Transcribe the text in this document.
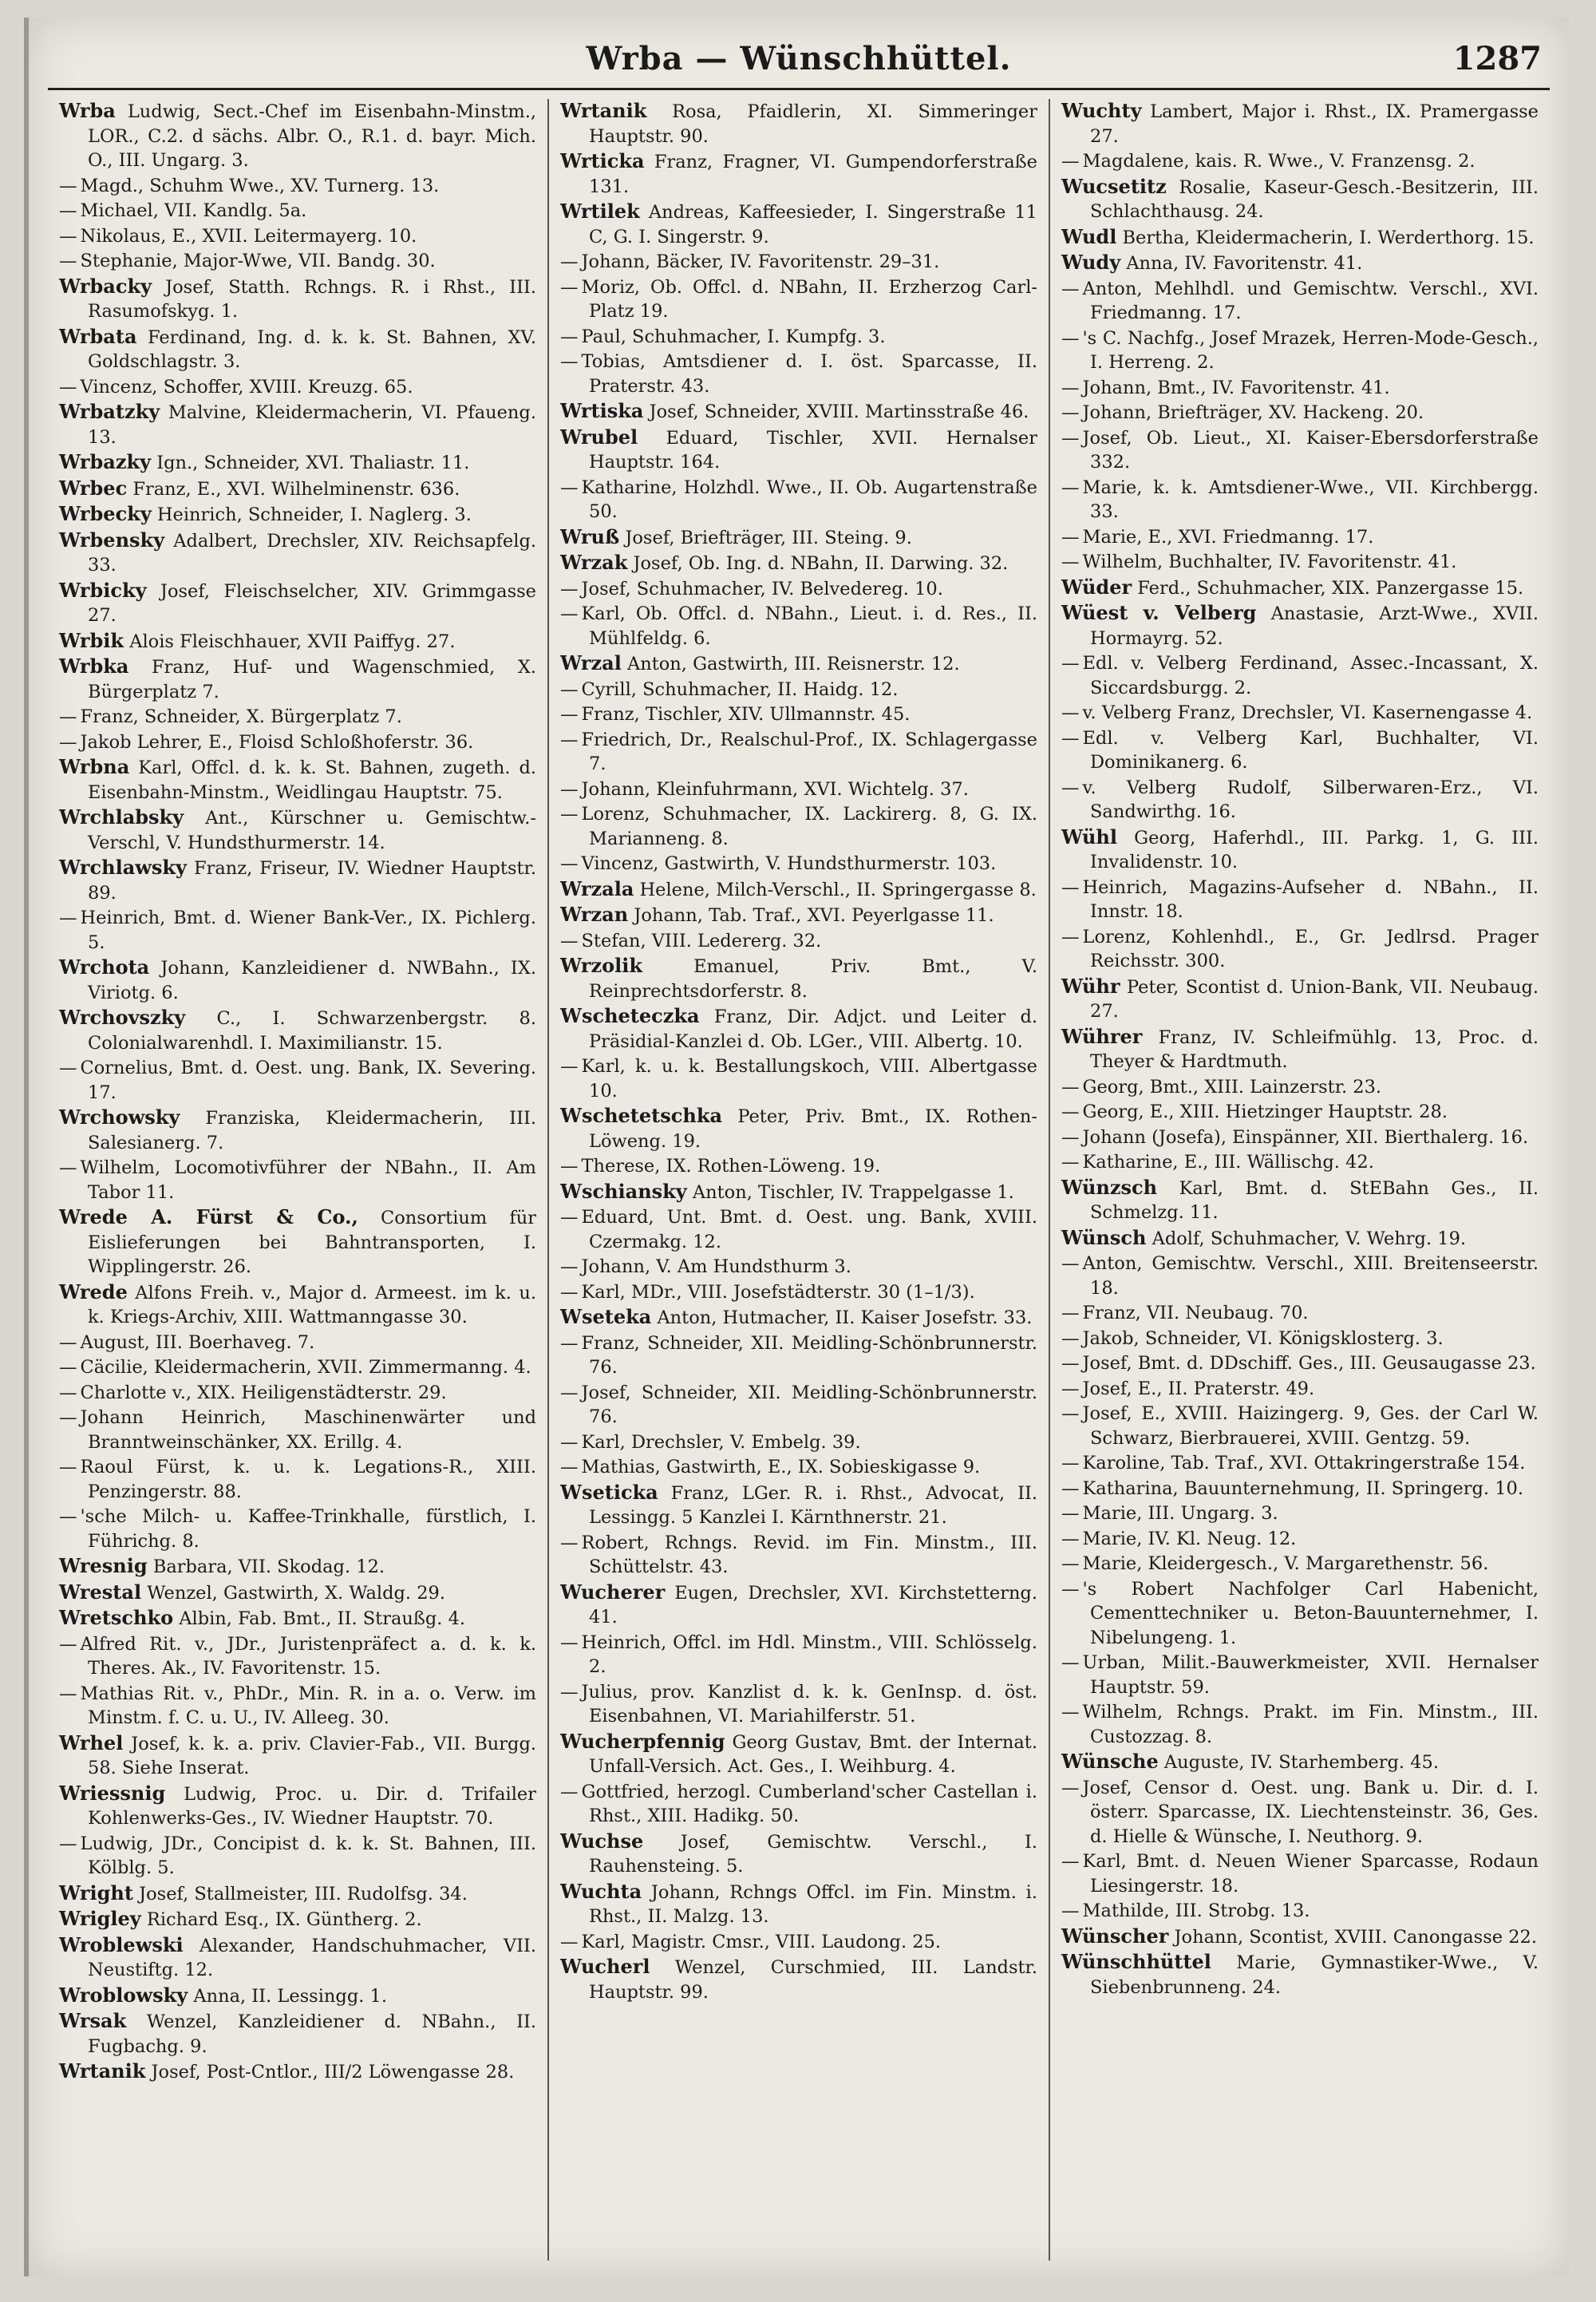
Wrba — Wünschhüttel.	1287

Wrba Ludwig, Sect.-Chef im Eisenbahn-Minstm., LOR., C.2. d sächs. Albr. O., R.1. d. bayr. Mich. O., III. Ungarg. 3.

— Magd., Schuhm Wwe., XV. Turnerg. 13.

— Michael, VII. Kandlg. 5a.

— Nikolaus, E., XVII. Leitermayerg. 10.

— Stephanie, Major-Wwe, VII. Bandg. 30.

Wrbacky Josef, Statth. Rchngs. R. i Rhst., III. Rasumofskyg. 1.

Wrbata Ferdinand, Ing. d. k. k. St. Bahnen, XV. Goldschlagstr. 3.

— Vincenz, Schoffer, XVIII. Kreuzg. 65.

Wrbatzky Malvine, Kleidermacherin, VI. Pfaueng. 13.

Wrbazky Ign., Schneider, XVI. Thaliastr. 11.

Wrbec Franz, E., XVI. Wilhelminenstr. 636.

Wrbecky Heinrich, Schneider, I. Naglerg. 3.

Wrbensky Adalbert, Drechsler, XIV. Reichsapfelg. 33.

Wrbicky Josef, Fleischselcher, XIV. Grimmgasse 27.

Wrbik Alois Fleischhauer, XVII Paiffyg. 27.

Wrbka Franz, Huf- und Wagenschmied, X. Bürgerplatz 7.

— Franz, Schneider, X. Bürgerplatz 7.

— Jakob Lehrer, E., Floisd Schloßhoferstr. 36.

Wrbna Karl, Offcl. d. k. k. St. Bahnen, zugeth. d. Eisenbahn-Minstm., Weidlingau Hauptstr. 75.

Wrchlabsky Ant., Kürschner u. Gemischtw.-Verschl, V. Hundsthurmerstr. 14.

Wrchlawsky Franz, Friseur, IV. Wiedner Hauptstr. 89.

— Heinrich, Bmt. d. Wiener Bank-Ver., IX. Pichlerg. 5.

Wrchota Johann, Kanzleidiener d. NWBahn., IX. Viriotg. 6.

Wrchovszky C., I. Schwarzenbergstr. 8. Colonialwarenhdl. I. Maximilianstr. 15.

— Cornelius, Bmt. d. Oest. ung. Bank, IX. Severing. 17.

Wrchowsky Franziska, Kleidermacherin, III. Salesianerg. 7.

— Wilhelm, Locomotivführer der NBahn., II. Am Tabor 11.

Wrede A. Fürst & Co., Consortium für Eislieferungen bei Bahntransporten, I. Wipplingerstr. 26.

Wrede Alfons Freih. v., Major d. Armeest. im k. u. k. Kriegs-Archiv, XIII. Wattmanngasse 30.

— August, III. Boerhaveg. 7.

— Cäcilie, Kleidermacherin, XVII. Zimmermanng. 4.

— Charlotte v., XIX. Heiligenstädterstr. 29.

— Johann Heinrich, Maschinenwärter und Branntweinschänker, XX. Erillg. 4.

— Raoul Fürst, k. u. k. Legations-R., XIII. Penzingerstr. 88.

— 'sche Milch- u. Kaffee-Trinkhalle, fürstlich, I. Führichg. 8.

Wresnig Barbara, VII. Skodag. 12.

Wrestal Wenzel, Gastwirth, X. Waldg. 29.

Wretschko Albin, Fab. Bmt., II. Straußg. 4.

— Alfred Rit. v., JDr., Juristenpräfect a. d. k. k. Theres. Ak., IV. Favoritenstr. 15.

— Mathias Rit. v., PhDr., Min. R. in a. o. Verw. im Minstm. f. C. u. U., IV. Alleeg. 30.

Wrhel Josef, k. k. a. priv. Clavier-Fab., VII. Burgg. 58. Siehe Inserat.

Wriessnig Ludwig, Proc. u. Dir. d. Trifailer Kohlenwerks-Ges., IV. Wiedner Hauptstr. 70.

— Ludwig, JDr., Concipist d. k. k. St. Bahnen, III. Kölblg. 5.

Wright Josef, Stallmeister, III. Rudolfsg. 34.

Wrigley Richard Esq., IX. Güntherg. 2.

Wroblewski Alexander, Handschuhmacher, VII. Neustiftg. 12.

Wroblowsky Anna, II. Lessingg. 1.

Wrsak Wenzel, Kanzleidiener d. NBahn., II. Fugbachg. 9.

Wrtanik Josef, Post-Cntlor., III/2 Löwengasse 28.

Wrtanik Rosa, Pfaidlerin, XI. Simmeringer Hauptstr. 90.

Wrticka Franz, Fragner, VI. Gumpendorferstraße 131.

Wrtilek Andreas, Kaffeesieder, I. Singerstraße 11 C, G. I. Singerstr. 9.

— Johann, Bäcker, IV. Favoritenstr. 29–31.

— Moriz, Ob. Offcl. d. NBahn, II. Erzherzog Carl-Platz 19.

— Paul, Schuhmacher, I. Kumpfg. 3.

— Tobias, Amtsdiener d. I. öst. Sparcasse, II. Praterstr. 43.

Wrtiska Josef, Schneider, XVIII. Martinsstraße 46.

Wrubel Eduard, Tischler, XVII. Hernalser Hauptstr. 164.

— Katharine, Holzhdl. Wwe., II. Ob. Augartenstraße 50.

Wruß Josef, Briefträger, III. Steing. 9.

Wrzak Josef, Ob. Ing. d. NBahn, II. Darwing. 32.

— Josef, Schuhmacher, IV. Belvedereg. 10.

— Karl, Ob. Offcl. d. NBahn., Lieut. i. d. Res., II. Mühlfeldg. 6.

Wrzal Anton, Gastwirth, III. Reisnerstr. 12.

— Cyrill, Schuhmacher, II. Haidg. 12.

— Franz, Tischler, XIV. Ullmannstr. 45.

— Friedrich, Dr., Realschul-Prof., IX. Schlagergasse 7.

— Johann, Kleinfuhrmann, XVI. Wichtelg. 37.

— Lorenz, Schuhmacher, IX. Lackirerg. 8, G. IX. Marianneng. 8.

— Vincenz, Gastwirth, V. Hundsthurmerstr. 103.

Wrzala Helene, Milch-Verschl., II. Springergasse 8.

Wrzan Johann, Tab. Traf., XVI. Peyerlgasse 11.

— Stefan, VIII. Ledererg. 32.

Wrzolik	Emanuel, Priv. Bmt., V. Reinprechtsdorferstr. 8.

Wscheteczka Franz, Dir. Adjct. und Leiter d. Präsidial-Kanzlei d. Ob. LGer., VIII. Albertg. 10.

— Karl, k. u. k. Bestallungskoch, VIII. Albertgasse 10.

Wschetetschka Peter, Priv. Bmt., IX. Rothen-Löweng. 19.

— Therese, IX. Rothen-Löweng. 19.

Wschiansky Anton, Tischler, IV. Trappelgasse 1.

— Eduard, Unt. Bmt. d. Oest. ung. Bank, XVIII. Czermakg. 12.

— Johann, V. Am Hundsthurm 3.

— Karl, MDr., VIII. Josefstädterstr. 30 (1–1/3).

Wseteka Anton, Hutmacher, II. Kaiser Josefstr. 33.

— Franz, Schneider, XII. Meidling-Schönbrunnerstr. 76.

— Josef, Schneider, XII. Meidling-Schönbrunnerstr. 76.

— Karl, Drechsler, V. Embelg. 39.

— Mathias, Gastwirth, E., IX. Sobieskigasse 9.

Wseticka Franz, LGer. R. i. Rhst., Advocat, II. Lessingg. 5 Kanzlei I. Kärnthnerstr. 21.

— Robert, Rchngs. Revid. im Fin. Minstm., III. Schüttelstr. 43.

Wucherer Eugen, Drechsler, XVI. Kirchstetterng. 41.

— Heinrich, Offcl. im Hdl. Minstm., VIII. Schlösselg. 2.

— Julius, prov. Kanzlist d. k. k. GenInsp. d. öst. Eisenbahnen, VI. Mariahilferstr. 51.

Wucherpfennig Georg Gustav, Bmt. der Internat. Unfall-Versich. Act. Ges., I. Weihburg. 4.

— Gottfried, herzogl. Cumberland'scher Castellan i. Rhst., XIII. Hadikg. 50.

Wuchse Josef, Gemischtw. Verschl., I. Rauhensteing. 5.

Wuchta Johann, Rchngs Offcl. im Fin. Minstm. i. Rhst., II. Malzg. 13.

— Karl, Magistr. Cmsr., VIII. Laudong. 25.

Wucherl Wenzel, Curschmied, III. Landstr. Hauptstr. 99.

Wuchty Lambert, Major i. Rhst., IX. Pramergasse 27.

— Magdalene, kais. R. Wwe., V. Franzensg. 2.

Wucsetitz Rosalie, Kaseur-Gesch.-Besitzerin, III. Schlachthausg. 24.

Wudl Bertha, Kleidermacherin, I. Werderthorg. 15.

Wudy Anna, IV. Favoritenstr. 41.

— Anton, Mehlhdl. und Gemischtw. Verschl., XVI. Friedmanng. 17.

— 's C. Nachfg., Josef Mrazek, Herren-Mode-Gesch., I. Herreng. 2.

— Johann, Bmt., IV. Favoritenstr. 41.

— Johann, Briefträger, XV. Hackeng. 20.

— Josef, Ob. Lieut., XI. Kaiser-Ebersdorferstraße 332.

— Marie, k. k. Amtsdiener-Wwe., VII. Kirchbergg. 33.

— Marie, E., XVI. Friedmanng. 17.

— Wilhelm, Buchhalter, IV. Favoritenstr. 41.

Wüder Ferd., Schuhmacher, XIX. Panzergasse 15.

Wüest v. Velberg Anastasie, Arzt-Wwe., XVII. Hormayrg. 52.

— Edl. v. Velberg Ferdinand, Assec.-Incassant, X. Siccardsburgg. 2.

— v. Velberg Franz, Drechsler, VI. Kasernengasse 4.

— Edl. v. Velberg Karl, Buchhalter, VI. Dominikanerg. 6.

— v. Velberg Rudolf, Silberwaren-Erz., VI. Sandwirthg. 16.

Wühl Georg, Haferhdl., III. Parkg. 1, G. III. Invalidenstr. 10.

— Heinrich, Magazins-Aufseher d. NBahn., II. Innstr. 18.

— Lorenz, Kohlenhdl., E., Gr. Jedlrsd. Prager Reichsstr. 300.

Wühr Peter, Scontist d. Union-Bank, VII. Neubaug. 27.

Wührer Franz, IV. Schleifmühlg. 13, Proc. d. Theyer & Hardtmuth.

— Georg, Bmt., XIII. Lainzerstr. 23.

— Georg, E., XIII. Hietzinger Hauptstr. 28.

— Johann (Josefa), Einspänner, XII. Bierthalerg. 16.

— Katharine, E., III. Wällischg. 42.

Wünzsch Karl, Bmt. d. StEBahn Ges., II. Schmelzg. 11.

Wünsch Adolf, Schuhmacher, V. Wehrg. 19.

— Anton, Gemischtw. Verschl., XIII. Breitenseerstr. 18.

— Franz, VII. Neubaug. 70.

— Jakob, Schneider, VI. Königsklosterg. 3.

— Josef, Bmt. d. DDschiff. Ges., III. Geusaugasse 23.

— Josef, E., II. Praterstr. 49.

— Josef, E., XVIII. Haizingerg. 9, Ges. der Carl W. Schwarz, Bierbrauerei, XVIII. Gentzg. 59.

— Karoline, Tab. Traf., XVI. Ottakringerstraße 154.

— Katharina, Bauunternehmung, II. Springerg. 10.

— Marie, III. Ungarg. 3.

— Marie, IV. Kl. Neug. 12.

— Marie, Kleidergesch., V. Margarethenstr. 56.

— 's Robert Nachfolger Carl Habenicht, Cementtechniker u. Beton-Bauunternehmer, I. Nibelungeng. 1.

— Urban, Milit.-Bauwerkmeister, XVII. Hernalser Hauptstr. 59.

— Wilhelm, Rchngs. Prakt. im Fin. Minstm., III. Custozzag. 8.

Wünsche Auguste, IV. Starhemberg. 45.

— Josef, Censor d. Oest. ung. Bank u. Dir. d. I. österr. Sparcasse, IX. Liechtensteinstr. 36, Ges. d. Hielle & Wünsche, I. Neuthorg. 9.

— Karl, Bmt. d. Neuen Wiener Sparcasse, Rodaun Liesingerstr. 18.

— Mathilde, III. Strobg. 13.

Wünscher Johann, Scontist, XVIII. Canongasse 22.

Wünschhüttel Marie, Gymnastiker-Wwe., V. Siebenbrunneng. 24.
